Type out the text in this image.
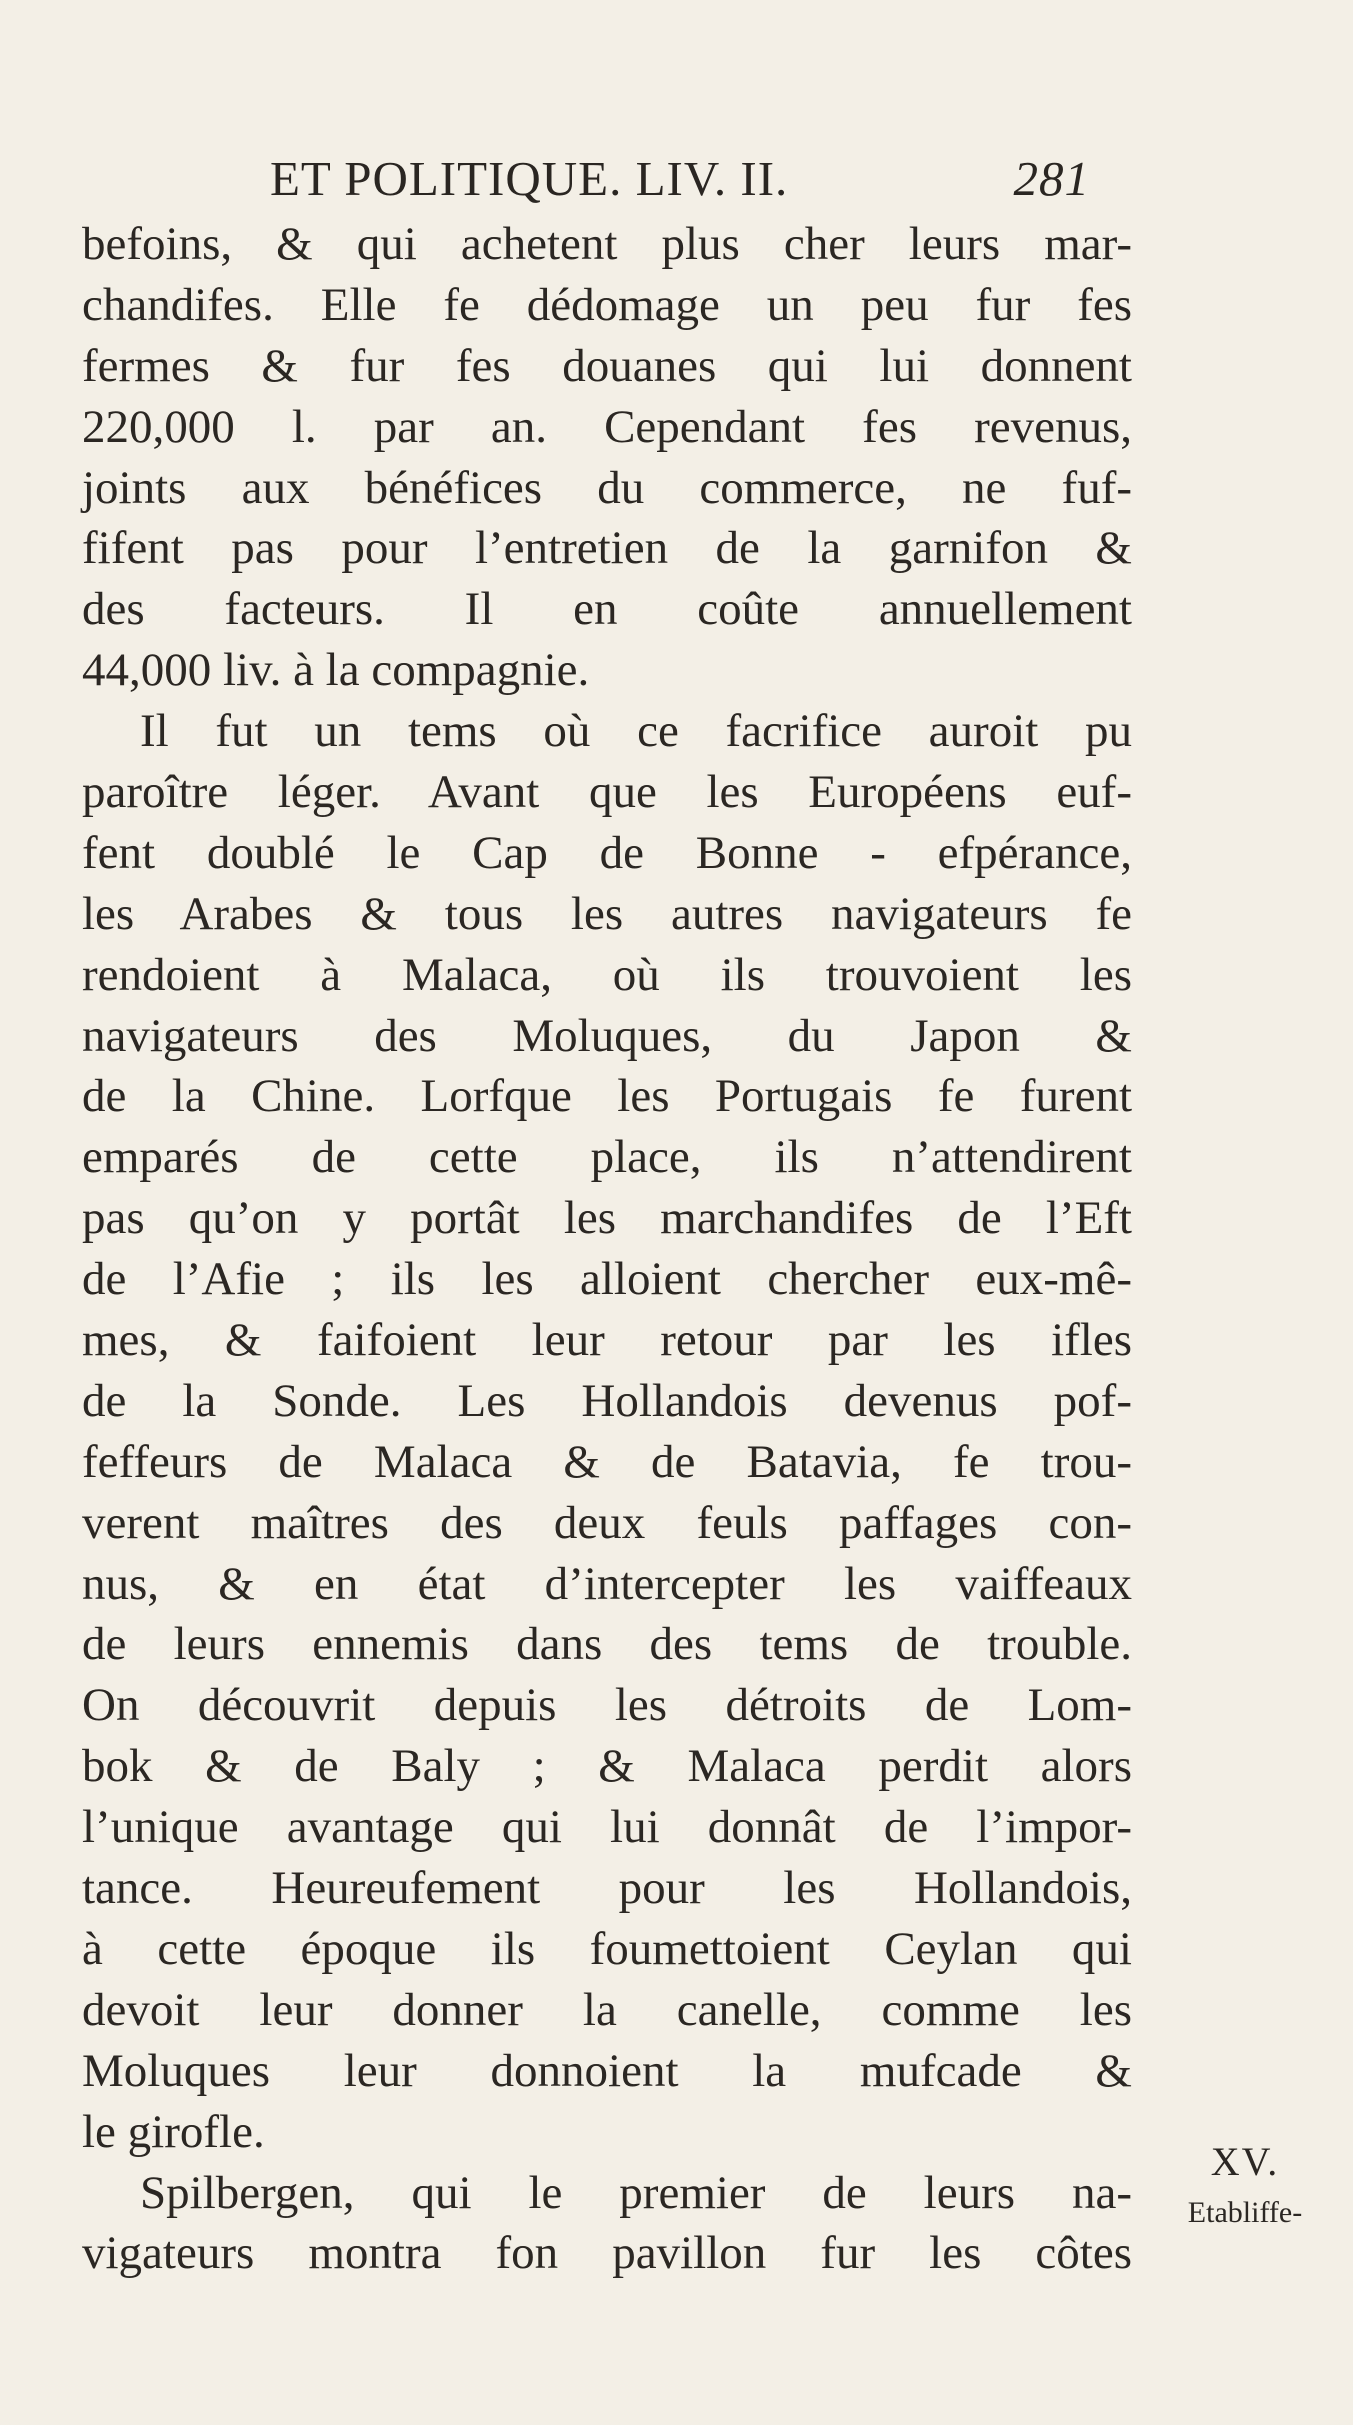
ET POLITIQUE. LIV. II.	281
befoins, & qui achetent plus cher leurs mar-
chandifes. Elle fe dédomage un peu fur fes
fermes & fur fes douanes qui lui donnent
220,000 l. par an. Cependant fes revenus,
joints aux bénéfices du commerce, ne fuf-
fifent pas pour l’entretien de la garnifon &
des facteurs. Il en coûte annuellement
44,000 liv. à la compagnie.
Il fut un tems où ce facrifice auroit pu
paroître léger. Avant que les Européens euf-
fent doublé le Cap de Bonne - efpérance,
les Arabes & tous les autres navigateurs fe
rendoient à Malaca, où ils trouvoient les
navigateurs des Moluques, du Japon &
de la Chine. Lorfque les Portugais fe furent
emparés de cette place, ils n’attendirent
pas qu’on y portât les marchandifes de l’Eft
de l’Afie ; ils les alloient chercher eux-mê-
mes, & faifoient leur retour par les ifles
de la Sonde. Les Hollandois devenus pof-
feffeurs de Malaca & de Batavia, fe trou-
verent maîtres des deux feuls paffages con-
nus, & en état d’intercepter les vaiffeaux
de leurs ennemis dans des tems de trouble.
On découvrit depuis les détroits de Lom-
bok & de Baly ; & Malaca perdit alors
l’unique avantage qui lui donnât de l’impor-
tance. Heureufement pour les Hollandois,
à cette époque ils foumettoient Ceylan qui
devoit leur donner la canelle, comme les
Moluques leur donnoient la mufcade &
le girofle.
Spilbergen, qui le premier de leurs na-
vigateurs montra fon pavillon fur les côtes
XV.
Etabliffe-
